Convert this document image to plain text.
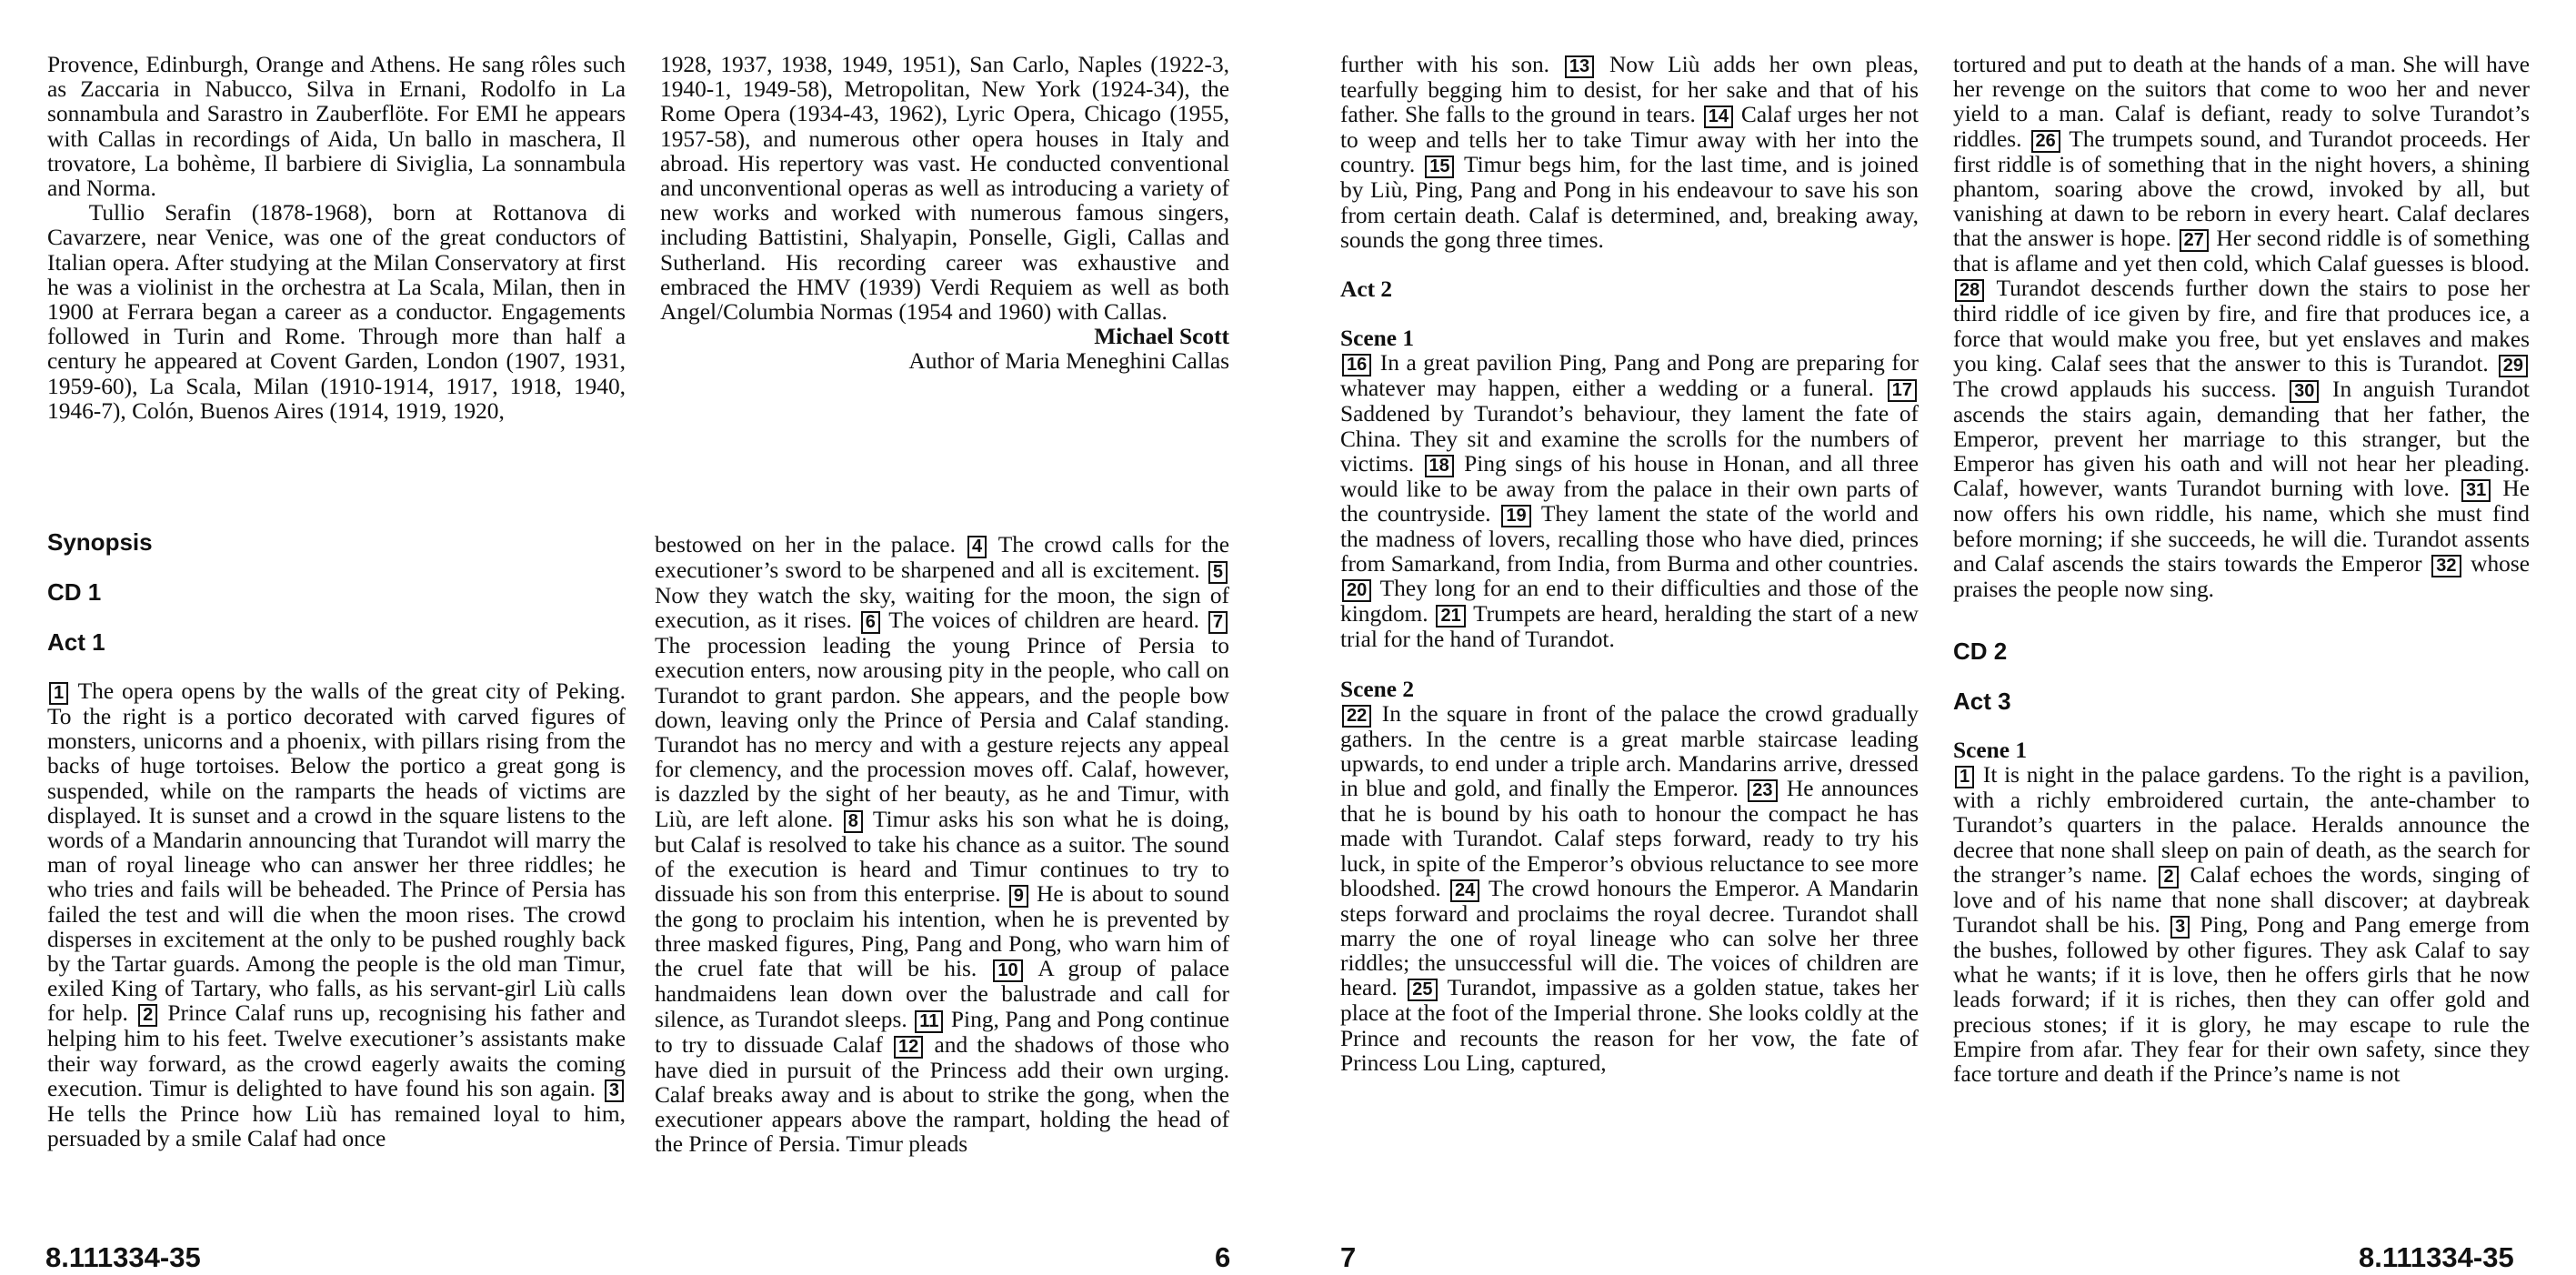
Provence, Edinburgh, Orange and Athens. He sang rôles such as Zaccaria in Nabucco, Silva in Ernani, Rodolfo in La sonnambula and Sarastro in Zauberflöte. For EMI he appears with Callas in recordings of Aida, Un ballo in maschera, Il trovatore, La bohème, Il barbiere di Siviglia, La sonnambula and Norma.

Tullio Serafin (1878-1968), born at Rottanova di Cavarzere, near Venice, was one of the great conductors of Italian opera. After studying at the Milan Conservatory at first he was a violinist in the orchestra at La Scala, Milan, then in 1900 at Ferrara began a career as a conductor. Engagements followed in Turin and Rome. Through more than half a century he appeared at Covent Garden, London (1907, 1931, 1959-60), La Scala, Milan (1910-1914, 1917, 1918, 1940, 1946-7), Colón, Buenos Aires (1914, 1919, 1920,

1928, 1937, 1938, 1949, 1951), San Carlo, Naples (1922-3, 1940-1, 1949-58), Metropolitan, New York (1924-34), the Rome Opera (1934-43, 1962), Lyric Opera, Chicago (1955, 1957-58), and numerous other opera houses in Italy and abroad. His repertory was vast. He conducted conventional and unconventional operas as well as introducing a variety of new works and worked with numerous famous singers, including Battistini, Shalyapin, Ponselle, Gigli, Callas and Sutherland. His recording career was exhaustive and embraced the HMV (1939) Verdi Requiem as well as both Angel/Columbia Normas (1954 and 1960) with Callas.

Michael Scott

Author of Maria Meneghini Callas

Synopsis

CD 1

Act 1

1 The opera opens by the walls of the great city of Peking. To the right is a portico decorated with carved figures of monsters, unicorns and a phoenix, with pillars rising from the backs of huge tortoises. Below the portico a great gong is suspended, while on the ramparts the heads of victims are displayed. It is sunset and a crowd in the square listens to the words of a Mandarin announcing that Turandot will marry the man of royal lineage who can answer her three riddles; he who tries and fails will be beheaded. The Prince of Persia has failed the test and will die when the moon rises. The crowd disperses in excitement at the only to be pushed roughly back by the Tartar guards. Among the people is the old man Timur, exiled King of Tartary, who falls, as his servant-girl Liù calls for help. 2 Prince Calaf runs up, recognising his father and helping him to his feet. Twelve executioner’s assistants make their way forward, as the crowd eagerly awaits the coming execution. Timur is delighted to have found his son again. 3 He tells the Prince how Liù has remained loyal to him, persuaded by a smile Calaf had once

bestowed on her in the palace. 4 The crowd calls for the executioner’s sword to be sharpened and all is excitement. 5 Now they watch the sky, waiting for the moon, the sign of execution, as it rises. 6 The voices of children are heard. 7 The procession leading the young Prince of Persia to execution enters, now arousing pity in the people, who call on Turandot to grant pardon. She appears, and the people bow down, leaving only the Prince of Persia and Calaf standing. Turandot has no mercy and with a gesture rejects any appeal for clemency, and the procession moves off. Calaf, however, is dazzled by the sight of her beauty, as he and Timur, with Liù, are left alone. 8 Timur asks his son what he is doing, but Calaf is resolved to take his chance as a suitor. The sound of the execution is heard and Timur continues to try to dissuade his son from this enterprise. 9 He is about to sound the gong to proclaim his intention, when he is prevented by three masked figures, Ping, Pang and Pong, who warn him of the cruel fate that will be his. 10 A group of palace handmaidens lean down over the balustrade and call for silence, as Turandot sleeps. 11 Ping, Pang and Pong continue to try to dissuade Calaf 12 and the shadows of those who have died in pursuit of the Princess add their own urging. Calaf breaks away and is about to strike the gong, when the executioner appears above the rampart, holding the head of the Prince of Persia. Timur pleads

further with his son. 13 Now Liù adds her own pleas, tearfully begging him to desist, for her sake and that of his father. She falls to the ground in tears. 14 Calaf urges her not to weep and tells her to take Timur away with her into the country. 15 Timur begs him, for the last time, and is joined by Liù, Ping, Pang and Pong in his endeavour to save his son from certain death. Calaf is determined, and, breaking away, sounds the gong three times.

Act 2

Scene 1

16 In a great pavilion Ping, Pang and Pong are preparing for whatever may happen, either a wedding or a funeral. 17 Saddened by Turandot’s behaviour, they lament the fate of China. They sit and examine the scrolls for the numbers of victims. 18 Ping sings of his house in Honan, and all three would like to be away from the palace in their own parts of the countryside. 19 They lament the state of the world and the madness of lovers, recalling those who have died, princes from Samarkand, from India, from Burma and other countries. 20 They long for an end to their difficulties and those of the kingdom. 21 Trumpets are heard, heralding the start of a new trial for the hand of Turandot.

Scene 2

22 In the square in front of the palace the crowd gradually gathers. In the centre is a great marble staircase leading upwards, to end under a triple arch. Mandarins arrive, dressed in blue and gold, and finally the Emperor. 23 He announces that he is bound by his oath to honour the compact he has made with Turandot. Calaf steps forward, ready to try his luck, in spite of the Emperor’s obvious reluctance to see more bloodshed. 24 The crowd honours the Emperor. A Mandarin steps forward and proclaims the royal decree. Turandot shall marry the one of royal lineage who can solve her three riddles; the unsuccessful will die. The voices of children are heard. 25 Turandot, impassive as a golden statue, takes her place at the foot of the Imperial throne. She looks coldly at the Prince and recounts the reason for her vow, the fate of Princess Lou Ling, captured,

tortured and put to death at the hands of a man. She will have her revenge on the suitors that come to woo her and never yield to a man. Calaf is defiant, ready to solve Turandot’s riddles. 26 The trumpets sound, and Turandot proceeds. Her first riddle is of something that in the night hovers, a shining phantom, soaring above the crowd, invoked by all, but vanishing at dawn to be reborn in every heart. Calaf declares that the answer is hope. 27 Her second riddle is of something that is aflame and yet then cold, which Calaf guesses is blood. 28 Turandot descends further down the stairs to pose her third riddle of ice given by fire, and fire that produces ice, a force that would make you free, but yet enslaves and makes you king. Calaf sees that the answer to this is Turandot. 29 The crowd applauds his success. 30 In anguish Turandot ascends the stairs again, demanding that her father, the Emperor, prevent her marriage to this stranger, but the Emperor has given his oath and will not hear her pleading. Calaf, however, wants Turandot burning with love. 31 He now offers his own riddle, his name, which she must find before morning; if she succeeds, he will die. Turandot assents and Calaf ascends the stairs towards the Emperor 32 whose praises the people now sing.

CD 2

Act 3

Scene 1

1 It is night in the palace gardens. To the right is a pavilion, with a richly embroidered curtain, the ante-chamber to Turandot’s quarters in the palace. Heralds announce the decree that none shall sleep on pain of death, as the search for the stranger’s name. 2 Calaf echoes the words, singing of love and of his name that none shall discover; at daybreak Turandot shall be his. 3 Ping, Pong and Pang emerge from the bushes, followed by other figures. They ask Calaf to say what he wants; if it is love, then he offers girls that he now leads forward; if it is riches, then they can offer gold and precious stones; if it is glory, he may escape to rule the Empire from afar. They fear for their own safety, since they face torture and death if the Prince’s name is not

8.111334-35	6	7	8.111334-35
